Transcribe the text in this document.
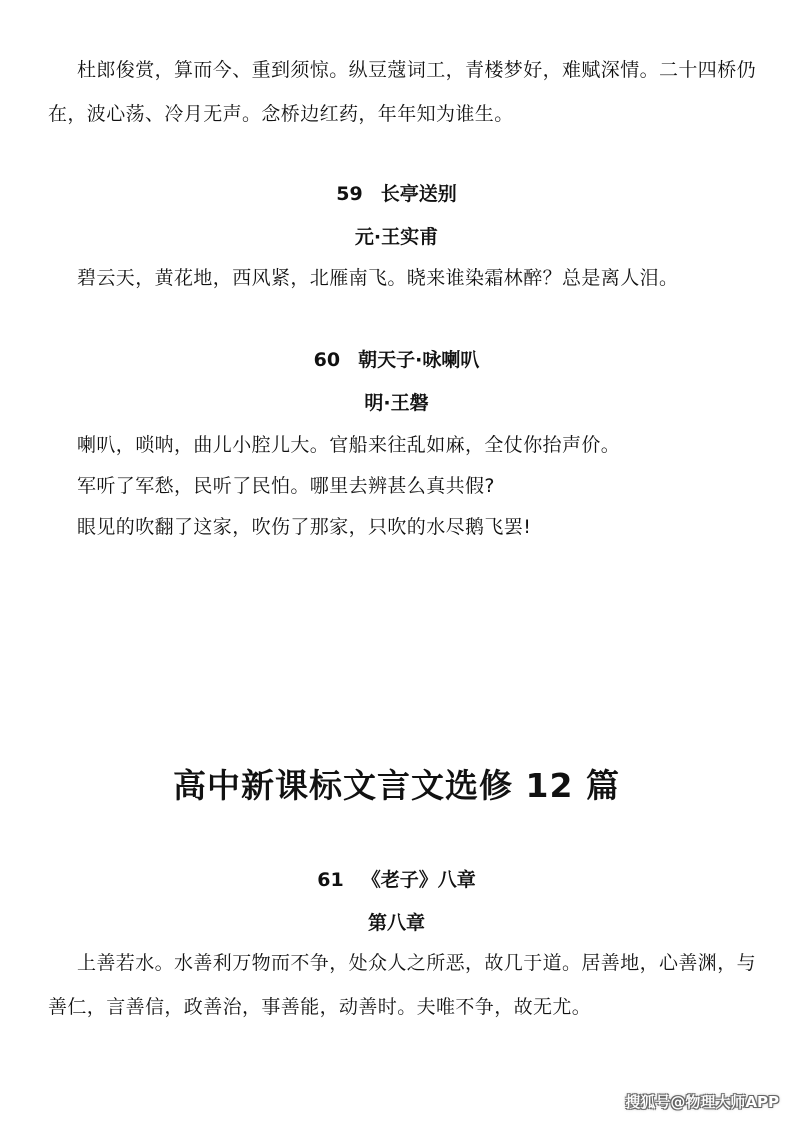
杜郎俊赏，算而今、重到须惊。纵豆蔻词工，青楼梦好，难赋深情。二十四桥仍在，波心荡、冷月无声。念桥边红药，年年知为谁生。

59 长亭送别
元·王实甫

碧云天，黄花地，西风紧，北雁南飞。晓来谁染霜林醉？总是离人泪。

60 朝天子·咏喇叭
明·王磐

喇叭，唢呐，曲儿小腔儿大。官船来往乱如麻，全仗你抬声价。

军听了军愁，民听了民怕。哪里去辨甚么真共假?

眼见的吹翻了这家，吹伤了那家，只吹的水尽鹅飞罢!

高中新课标文言文选修 12 篇
61 《老子》八章
第八章

上善若水。水善利万物而不争，处众人之所恶，故几于道。居善地，心善渊，与善仁，言善信，政善治，事善能，动善时。夫唯不争，故无尤。

搜狐号@物理大师APP
